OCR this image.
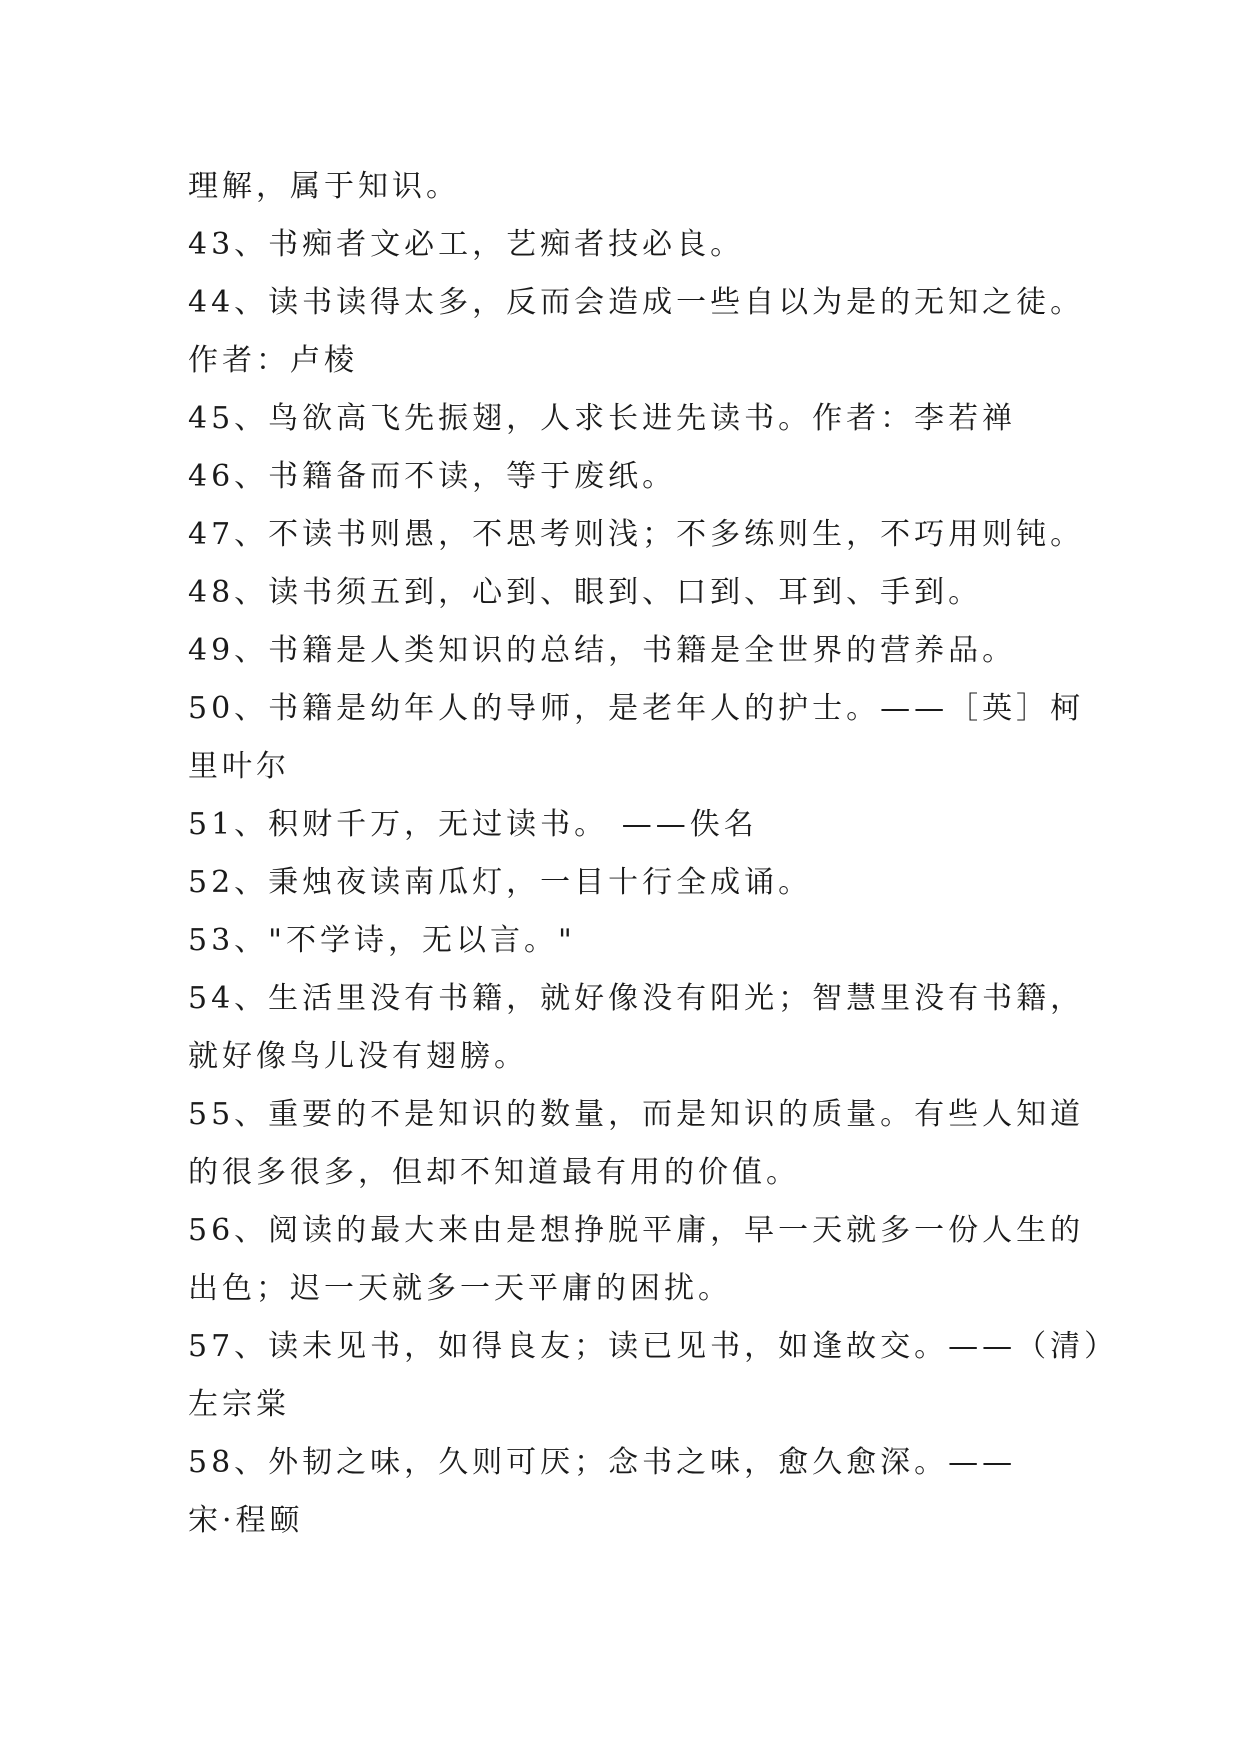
理解，属于知识。
43、书痴者文必工，艺痴者技必良。
44、读书读得太多，反而会造成一些自以为是的无知之徒。
作者：卢棱
45、鸟欲高飞先振翅，人求长进先读书。作者：李若禅
46、书籍备而不读，等于废纸。
47、不读书则愚，不思考则浅；不多练则生，不巧用则钝。
48、读书须五到，心到、眼到、口到、耳到、手到。
49、书籍是人类知识的总结，书籍是全世界的营养品。
50、书籍是幼年人的导师，是老年人的护士。——［英］柯
里叶尔
51、积财千万，无过读书。 ——佚名
52、秉烛夜读南瓜灯，一目十行全成诵。
53、"不学诗，无以言。"
54、生活里没有书籍，就好像没有阳光；智慧里没有书籍，
就好像鸟儿没有翅膀。
55、重要的不是知识的数量，而是知识的质量。有些人知道
的很多很多，但却不知道最有用的价值。
56、阅读的最大来由是想挣脱平庸，早一天就多一份人生的
出色；迟一天就多一天平庸的困扰。
57、读未见书，如得良友；读已见书，如逢故交。——（清）
左宗棠
58、外韧之味，久则可厌；念书之味，愈久愈深。——
宋·程颐
